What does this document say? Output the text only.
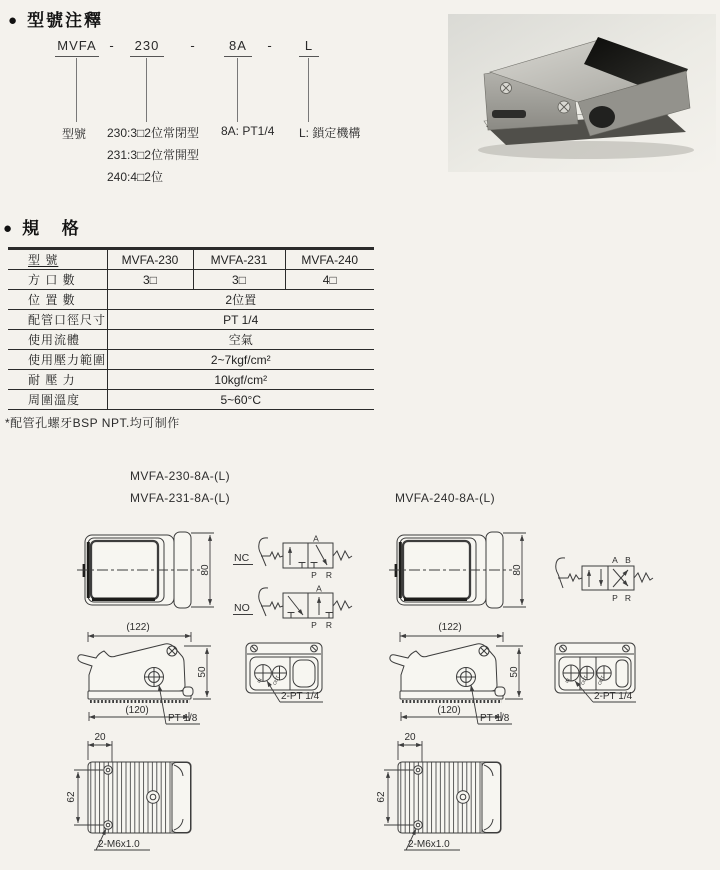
● 型號注釋
MVFA -	230	-	8A	-	L
型號 230:3□2位常閉型
231:3□2位常開型
240:4□2位
8A: PT1/4 L: 鎖定機構
● 規 格
型 號	MVFA-230	MVFA-231	MVFA-240
方 口 數	3□	3□	4□
位 置 數	2位置		
配管口徑尺寸	PT 1/4		
使用流體	空氣		
使用壓力範圍	2~7kgf/cm²		
耐 壓 力	10kgf/cm²		
周圍溫度	5~60°C		
*配管孔螺牙BSP NPT.均可制作
MVFA-230-8A-(L)
MVFA-231-8A-(L)	MVFA-240-8A-(L)
80
NC
A
P R
NO
A
P R
(122)
50
(120)
PT 1/8
IN OUT
2-PT 1/4
20
62
2-M6x1.0
80
A B
P R
(122)
50
(120)
PT 1/8
IN OUT OUT
2-PT 1/4
20
62
2-M6x1.0
